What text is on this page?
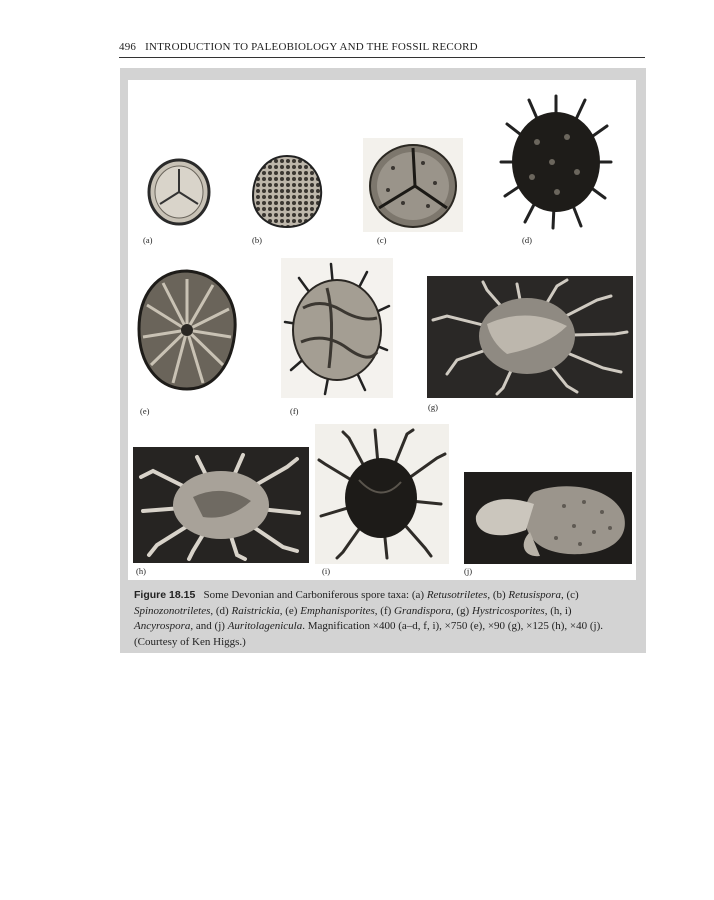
496 INTRODUCTION TO PALEOBIOLOGY AND THE FOSSIL RECORD
(a)	(b)	(c)	(d)
(e)	(f)	(g)
(h)	(i)	(j)
Figure 18.15 Some Devonian and Carboniferous spore taxa: (a) Retusotriletes, (b) Retusispora, (c) Spinozonotriletes, (d) Raistrickia, (e) Emphanisporites, (f) Grandispora, (g) Hystricosporites, (h, i) Ancyrospora, and (j) Auritolagenicula. Magnification ×400 (a–d, f, i), ×750 (e), ×90 (g), ×125 (h), ×40 (j). (Courtesy of Ken Higgs.)
